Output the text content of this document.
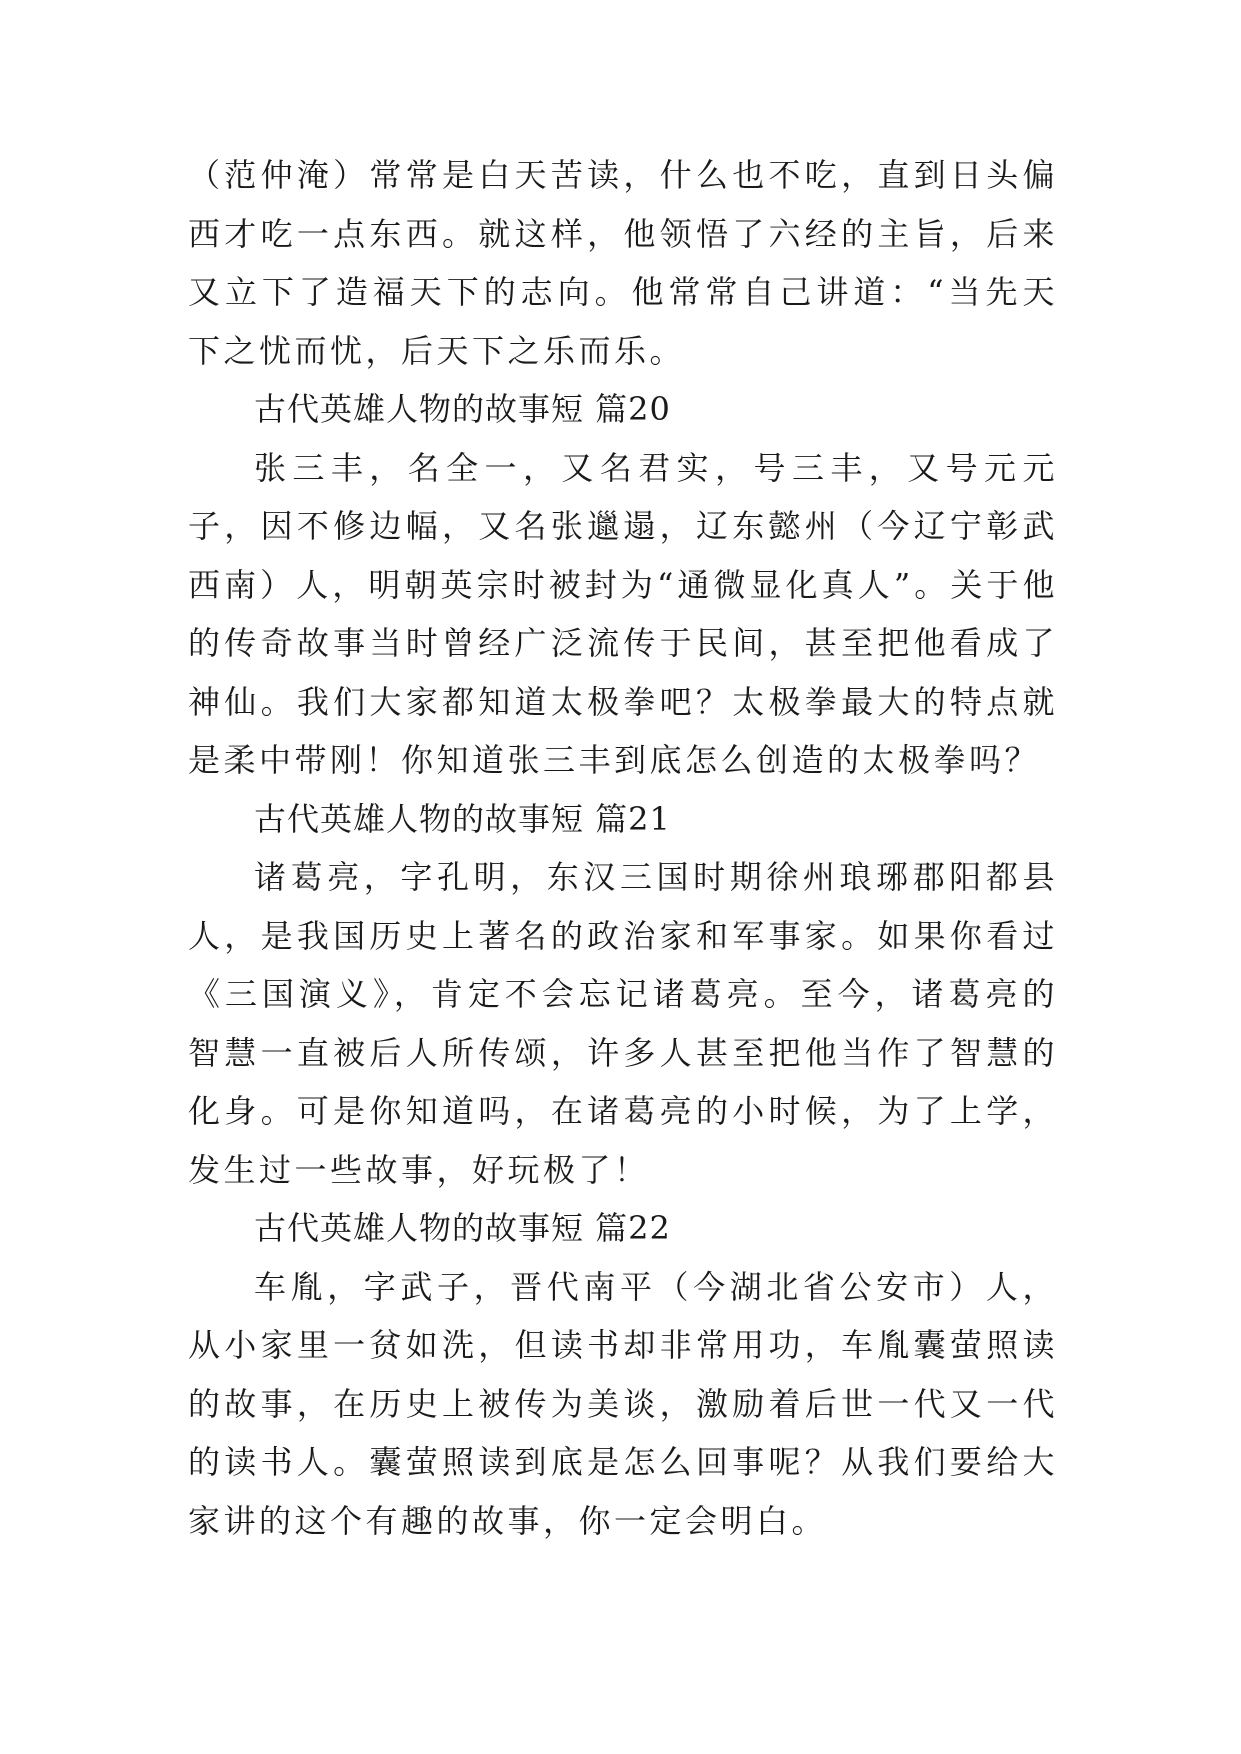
（范仲淹）常常是白天苦读，什么也不吃，直到日头偏西才吃一点东西。就这样，他领悟了六经的主旨，后来又立下了造福天下的志向。他常常自己讲道：“当先天下之忧而忧，后天下之乐而乐。

古代英雄人物的故事短 篇20

张三丰，名全一，又名君实，号三丰，又号元元子，因不修边幅，又名张邋遢，辽东懿州（今辽宁彰武西南）人，明朝英宗时被封为“通微显化真人”。关于他的传奇故事当时曾经广泛流传于民间，甚至把他看成了神仙。我们大家都知道太极拳吧？太极拳最大的特点就是柔中带刚！你知道张三丰到底怎么创造的太极拳吗？

古代英雄人物的故事短 篇21

诸葛亮，字孔明，东汉三国时期徐州琅琊郡阳都县人，是我国历史上著名的政治家和军事家。如果你看过《三国演义》，肯定不会忘记诸葛亮。至今，诸葛亮的智慧一直被后人所传颂，许多人甚至把他当作了智慧的化身。可是你知道吗，在诸葛亮的小时候，为了上学，发生过一些故事，好玩极了！

古代英雄人物的故事短 篇22

车胤，字武子，晋代南平（今湖北省公安市）人，从小家里一贫如洗，但读书却非常用功，车胤囊萤照读的故事，在历史上被传为美谈，激励着后世一代又一代的读书人。囊萤照读到底是怎么回事呢？从我们要给大家讲的这个有趣的故事，你一定会明白。
